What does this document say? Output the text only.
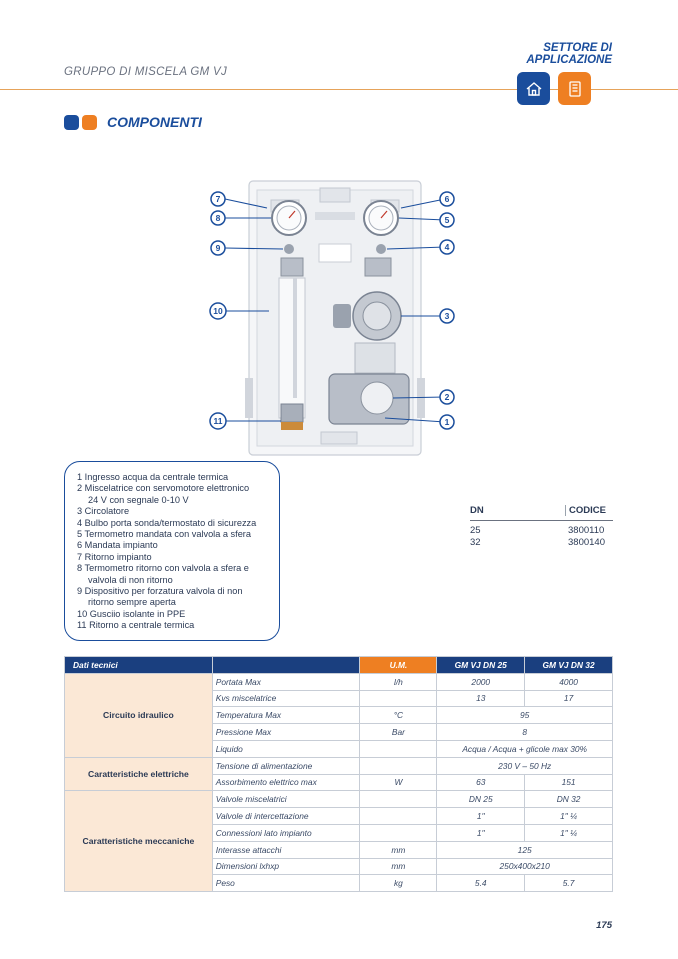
GRUPPO DI MISCELA GM VJ
SETTORE DI
APPLICAZIONE
COMPONENTI
7
8
9
10
11
6
5
4
3
2
1
1 Ingresso acqua da centrale termica
2 Miscelatrice con servomotore elettronico
24 V con segnale 0-10 V
3 Circolatore
4 Bulbo porta sonda/termostato di sicurezza
5 Termometro mandata con valvola a sfera
6 Mandata impianto
7 Ritorno impianto
8 Termometro ritorno con valvola a sfera e
valvola di non ritorno
9 Dispositivo per forzatura valvola di non
ritorno sempre aperta
10 Gusciio isolante in PPE
11 Ritorno a centrale termica
DN	CODICE
25	3800110
32	3800140
Dati tecnici		U.M.	GM VJ DN 25	GM VJ DN 32
Circuito idraulico	Portata Max	l/h	2000	4000
	Kvs miscelatrice		13	17
	Temperatura Max	°C	95	
	Pressione Max	Bar	8	
	Liquido		Acqua / Acqua + glicole max 30%	
Caratteristiche elettriche	Tensione di alimentazione		230 V – 50 Hz	
	Assorbimento elettrico max	W	63	151
Caratteristiche meccaniche	Valvole miscelatrici		DN 25	DN 32
	Valvole di intercettazione		1"	1" ¼
	Connessioni lato impianto		1"	1" ¼
	Interasse attacchi	mm	125	
	Dimensioni lxhxp	mm	250x400x210	
	Peso	kg	5.4	5.7
175
